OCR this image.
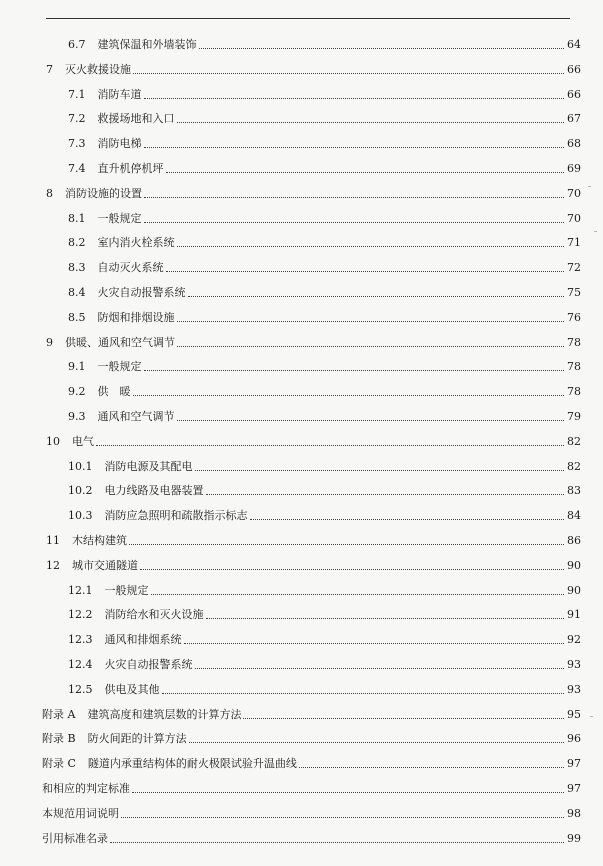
6.7 建筑保温和外墙装饰	64
7 灭火救援设施	66
7.1 消防车道	66
7.2 救援场地和入口	67
7.3 消防电梯	68
7.4 直升机停机坪	69
8 消防设施的设置	70
8.1 一般规定	70
8.2 室内消火栓系统	71
8.3 自动灭火系统	72
8.4 火灾自动报警系统	75
8.5 防烟和排烟设施	76
9 供暖、通风和空气调节	78
9.1 一般规定	78
9.2 供　暖	78
9.3 通风和空气调节	79
10 电气	82
10.1 消防电源及其配电	82
10.2 电力线路及电器装置	83
10.3 消防应急照明和疏散指示标志	84
11 木结构建筑	86
12 城市交通隧道	90
12.1 一般规定	90
12.2 消防给水和灭火设施	91
12.3 通风和排烟系统	92
12.4 火灾自动报警系统	93
12.5 供电及其他	93
附录 A 建筑高度和建筑层数的计算方法	95
附录 B 防火间距的计算方法	96
附录 C 隧道内承重结构体的耐火极限试验升温曲线	97
和相应的判定标准	97
本规范用词说明	98
引用标准名录	99
